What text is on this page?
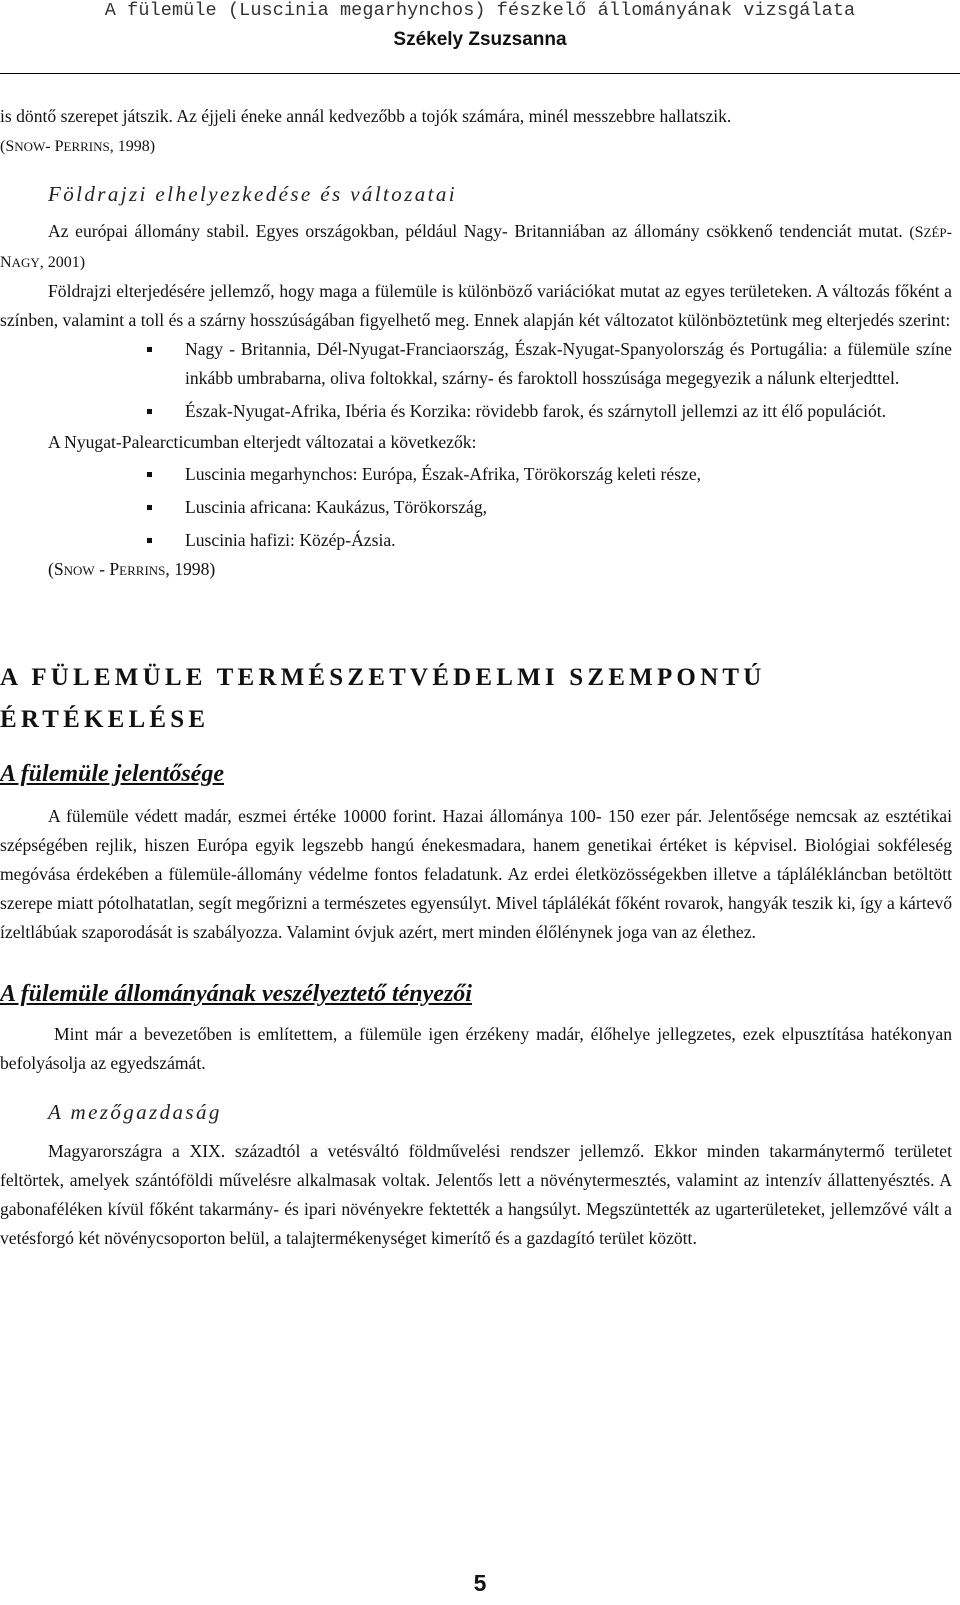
A fülemüle (Luscinia megarhynchos) fészkelő állományának vizsgálata
Székely Zsuzsanna

is döntő szerepet játszik. Az éjjeli éneke annál kedvezőbb a tojók számára, minél messzebbre hallatszik.
(SNOW- PERRINS, 1998)

Földrajzi elhelyezkedése és változatai

Az európai állomány stabil. Egyes országokban, például Nagy- Britanniában az állomány csökkenő tendenciát mutat. (SZÉP- NAGY, 2001)

Földrajzi elterjedésére jellemző, hogy maga a fülemüle is különböző variációkat mutat az egyes területeken. A változás főként a színben, valamint a toll és a szárny hosszúságában figyelhető meg. Ennek alapján két változatot különböztetünk meg elterjedés szerint:

Nagy - Britannia, Dél-Nyugat-Franciaország, Észak-Nyugat-Spanyolország és Portugália: a fülemüle színe inkább umbrabarna, oliva foltokkal, szárny- és faroktoll hosszúsága megegyezik a nálunk elterjedttel.
Észak-Nyugat-Afrika, Ibéria és Korzika: rövidebb farok, és szárnytoll jellemzi az itt élő populációt.

A Nyugat-Palearcticumban elterjedt változatai a következők:

Luscinia megarhynchos: Európa, Észak-Afrika, Törökország keleti része,
Luscinia africana: Kaukázus, Törökország,
Luscinia hafizi: Közép-Ázsia.

(SNOW - PERRINS, 1998)

A FÜLEMÜLE TERMÉSZETVÉDELMI SZEMPONTÚ
ÉRTÉKELÉSE

A fülemüle jelentősége

A fülemüle védett madár, eszmei értéke 10000 forint. Hazai állománya 100- 150 ezer pár. Jelentősége nemcsak az esztétikai szépségében rejlik, hiszen Európa egyik legszebb hangú énekesmadara, hanem genetikai értéket is képvisel. Biológiai sokféleség megóvása érdekében a fülemüle-állomány védelme fontos feladatunk. Az erdei életközösségekben illetve a táplálékláncban betöltött szerepe miatt pótolhatatlan, segít megőrizni a természetes egyensúlyt. Mivel táplálékát főként rovarok, hangyák teszik ki, így a kártevő ízeltlábúak szaporodását is szabályozza. Valamint óvjuk azért, mert minden élőlénynek joga van az élethez.

A fülemüle állományának veszélyeztető tényezői

Mint már a bevezetőben is említettem, a fülemüle igen érzékeny madár, élőhelye jellegzetes, ezek elpusztítása hatékonyan befolyásolja az egyedszámát.

A mezőgazdaság

Magyarországra a XIX. századtól a vetésváltó földművelési rendszer jellemző. Ekkor minden takarmánytermő területet feltörtek, amelyek szántóföldi művelésre alkalmasak voltak. Jelentős lett a növénytermesztés, valamint az intenzív állattenyésztés. A gabonaféléken kívül főként takarmány- és ipari növényekre fektették a hangsúlyt. Megszüntették az ugarterületeket, jellemzővé vált a vetésforgó két növénycsoporton belül, a talajtermékenységet kimerítő és a gazdagító terület között.

5
